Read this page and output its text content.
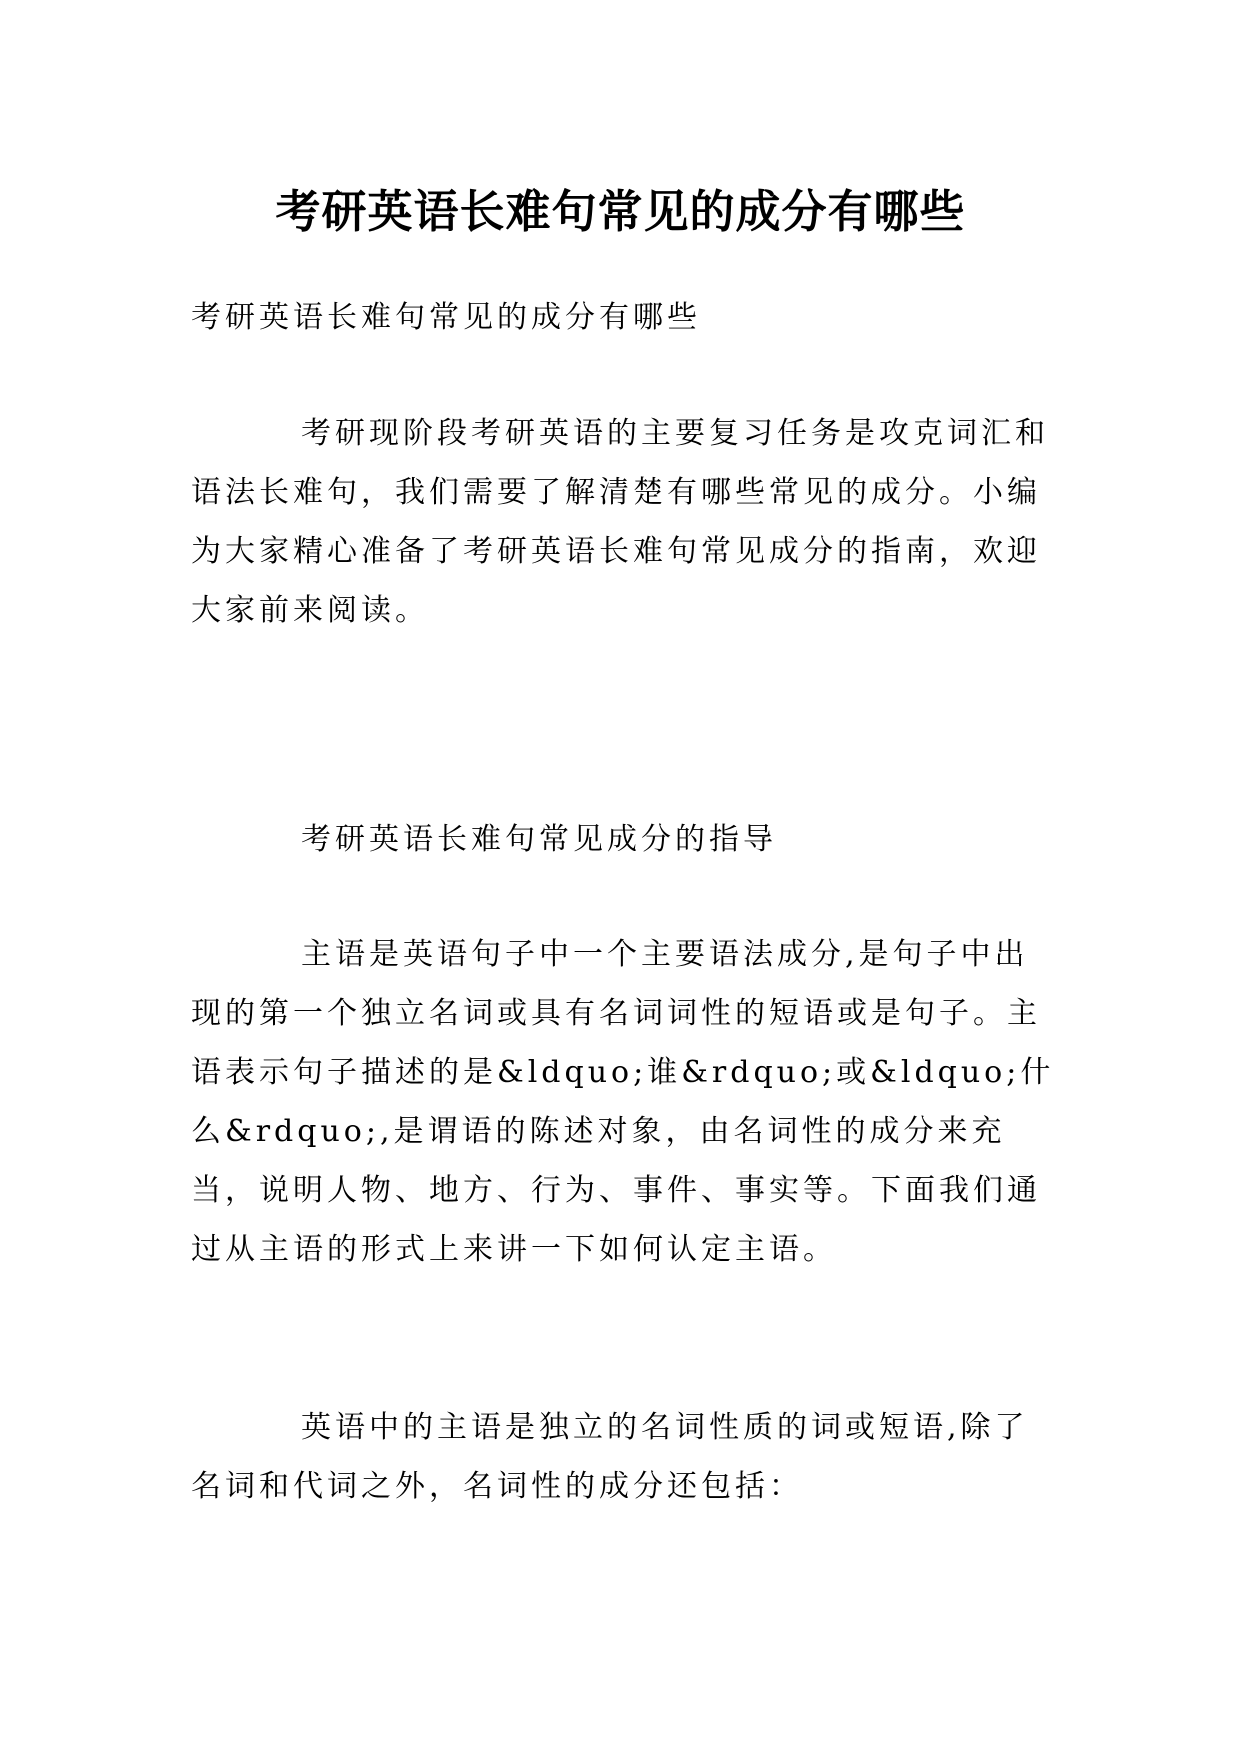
考研英语长难句常见的成分有哪些

考研英语长难句常见的成分有哪些

考研现阶段考研英语的主要复习任务是攻克词汇和语法长难句，我们需要了解清楚有哪些常见的成分。小编为大家精心准备了考研英语长难句常见成分的指南，欢迎大家前来阅读。

考研英语长难句常见成分的指导

主语是英语句子中一个主要语法成分,是句子中出现的第一个独立名词或具有名词词性的短语或是句子。主语表示句子描述的是&ldquo;谁&rdquo;或&ldquo;什么&rdquo;,是谓语的陈述对象，由名词性的成分来充当，说明人物、地方、行为、事件、事实等。下面我们通过从主语的形式上来讲一下如何认定主语。

英语中的主语是独立的名词性质的词或短语,除了名词和代词之外，名词性的成分还包括：
